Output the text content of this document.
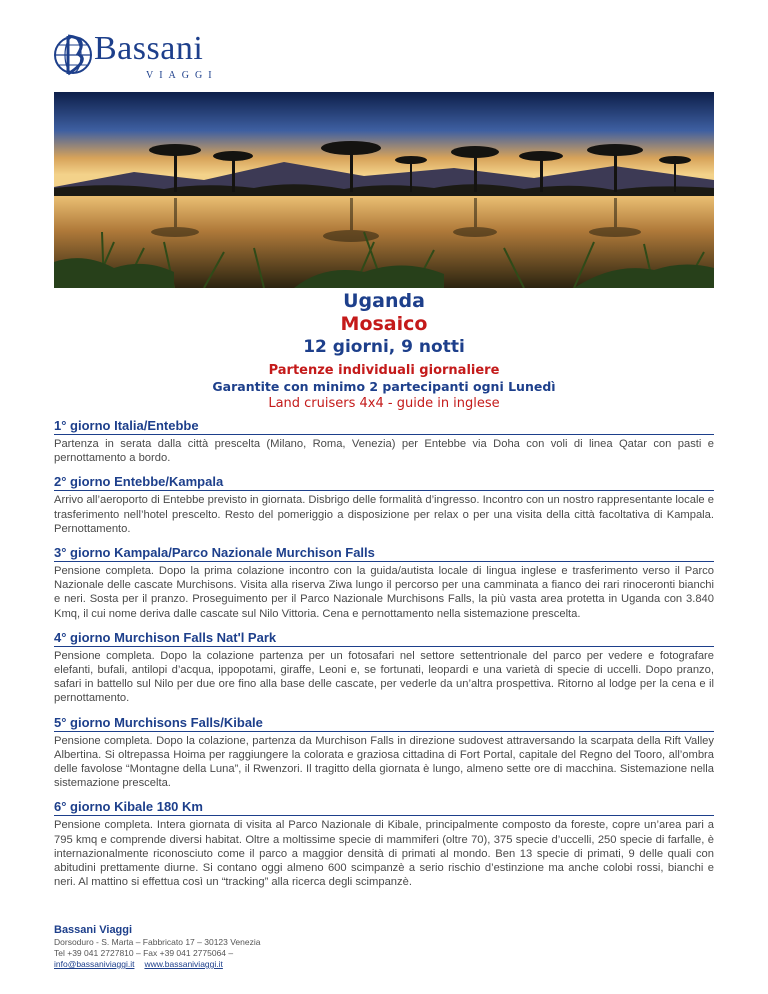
Bassani
VIAGGI
Uganda
Mosaico
12 giorni, 9 notti
Partenze individuali giornaliere
Garantite con minimo 2 partecipanti ogni Lunedì
Land cruisers 4x4 - guide in inglese
1° giorno Italia/Entebbe

Partenza in serata dalla città prescelta (Milano, Roma, Venezia) per Entebbe via Doha con voli di linea Qatar con pasti e pernottamento a bordo.

2° giorno Entebbe/Kampala

Arrivo all’aeroporto di Entebbe previsto in giornata. Disbrigo delle formalità d’ingresso. Incontro con un nostro rappresentante locale e trasferimento nell’hotel prescelto. Resto del pomeriggio a disposizione per relax o per una visita della città facoltativa di Kampala. Pernottamento.

3° giorno Kampala/Parco Nazionale Murchison Falls

Pensione completa. Dopo la prima colazione incontro con la guida/autista locale di lingua inglese e trasferimento verso il Parco Nazionale delle cascate Murchisons. Visita alla riserva Ziwa lungo il percorso per una camminata a fianco dei rari rinoceronti bianchi e neri. Sosta per il pranzo. Proseguimento per il Parco Nazionale Murchisons Falls, la più vasta area protetta in Uganda con 3.840 Kmq, il cui nome deriva dalle cascate sul Nilo Vittoria. Cena e pernottamento nella sistemazione prescelta.

4° giorno Murchison Falls Nat'l Park

Pensione completa. Dopo la colazione partenza per un fotosafari nel settore settentrionale del parco per vedere e fotografare elefanti, bufali, antilopi d’acqua, ippopotami, giraffe, Leoni e, se fortunati, leopardi e una varietà di specie di uccelli. Dopo pranzo, safari in battello sul Nilo per due ore fino alla base delle cascate, per vederle da un’altra prospettiva. Ritorno al lodge per la cena e il pernottamento.

5° giorno Murchisons Falls/Kibale

Pensione completa. Dopo la colazione, partenza da Murchison Falls in direzione sudovest attraversando la scarpata della Rift Valley Albertina. Si oltrepassa Hoima per raggiungere la colorata e graziosa cittadina di Fort Portal, capitale del Regno del Tooro, all’ombra delle favolose “Montagne della Luna”, il Rwenzori. Il tragitto della giornata è lungo, almeno sette ore di macchina. Sistemazione nella sistemazione prescelta.

6° giorno Kibale 180 Km

Pensione completa. Intera giornata di visita al Parco Nazionale di Kibale, principalmente composto da foreste, copre un’area pari a 795 kmq e comprende diversi habitat. Oltre a moltissime specie di mammiferi (oltre 70), 375 specie d’uccelli, 250 specie di farfalle, è internazionalmente riconosciuto come il parco a maggior densità di primati al mondo. Ben 13 specie di primati, 9 delle quali con abitudini prettamente diurne. Si contano oggi almeno 600 scimpanzè a serio rischio d’estinzione ma anche colobi rossi, bianchi e neri. Al mattino si effettua così un “tracking” alla ricerca degli scimpanzè.

Bassani Viaggi
Dorsoduro - S. Marta – Fabbricato 17 – 30123 Venezia
Tel +39 041 2727810 – Fax +39 041 2775064 –
info@bassaniviaggi.it www.bassaniviaggi.it
